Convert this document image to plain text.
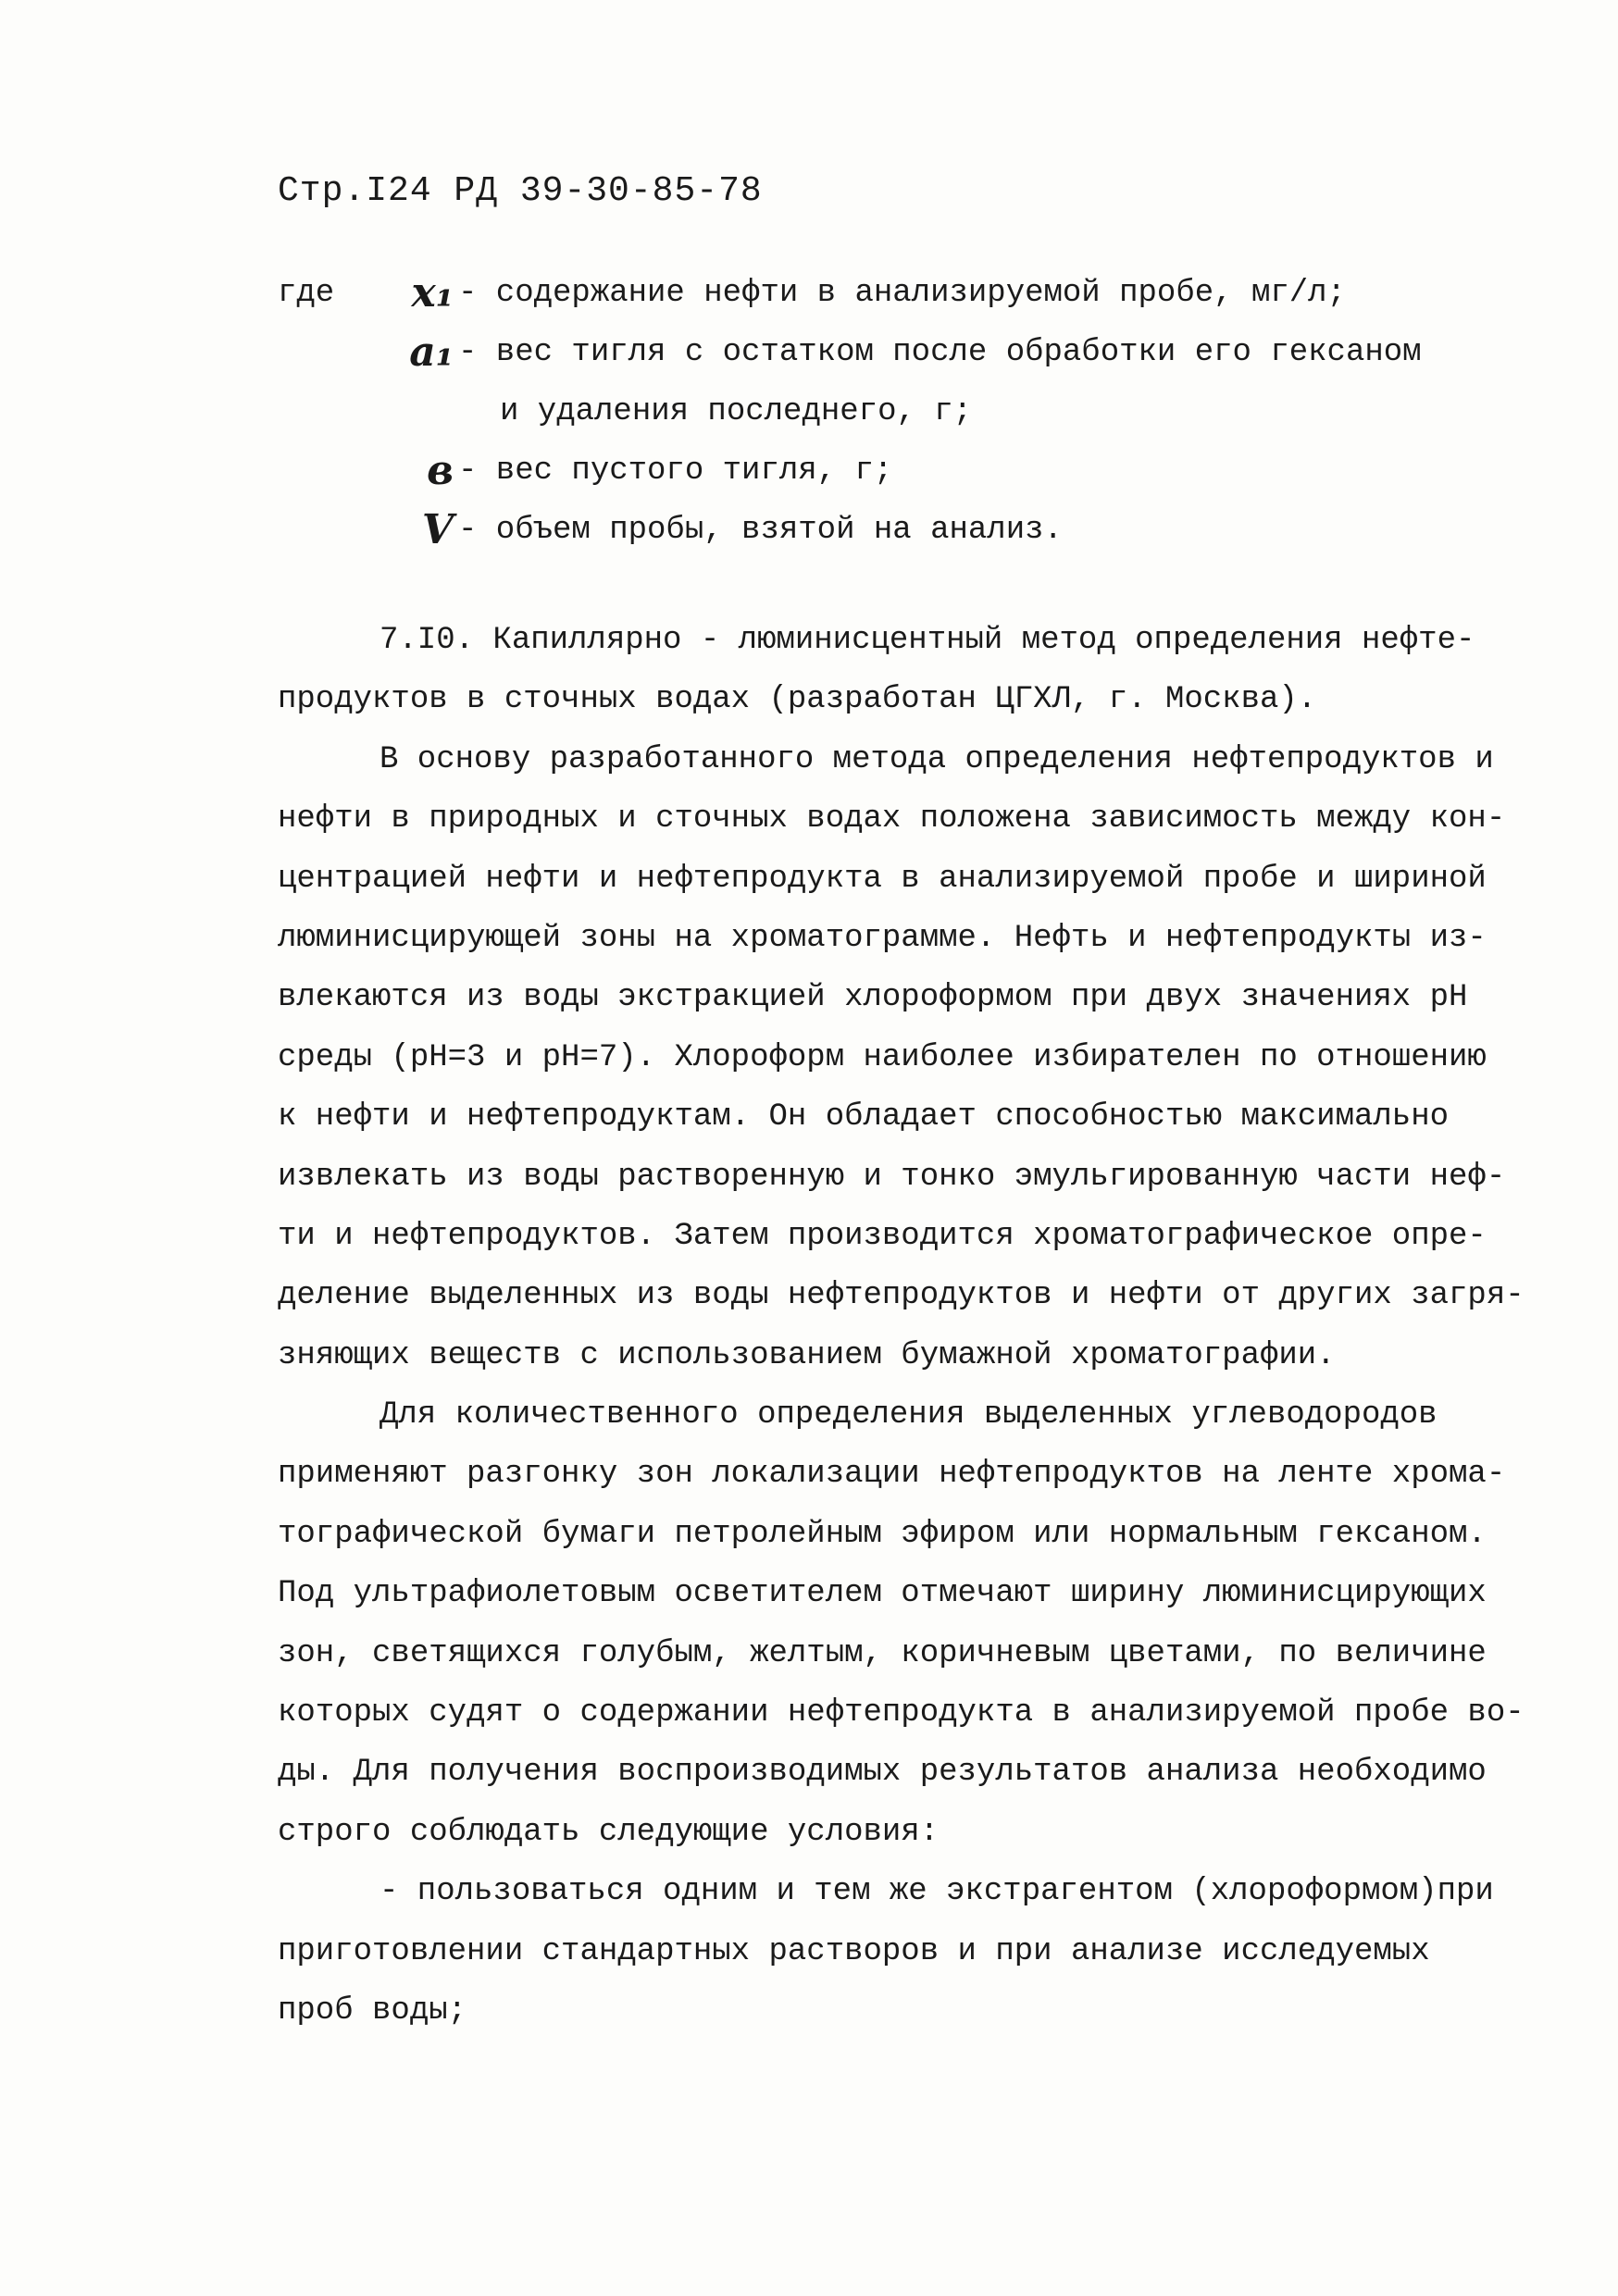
Стр.I24 РД 39-30-85-78
где	x₁ - содержание нефти в анализируемой пробе, мг/л;
a₁ - вес тигля с остатком после обработки его гексаном
и удаления последнего, г;
в - вес пустого тигля, г;
V - объем пробы, взятой на анализ.
7.I0. Капиллярно - люминисцентный метод определения нефте-
продуктов в сточных водах (разработан ЦГХЛ, г. Москва).
В основу разработанного метода определения нефтепродуктов и
нефти в природных и сточных водах положена зависимость между кон-
центрацией нефти и нефтепродукта в анализируемой пробе и шириной
люминисцирующей зоны на хроматограмме. Нефть и нефтепродукты из-
влекаются из воды экстракцией хлороформом при двух значениях pH
среды (pH=3 и pH=7). Хлороформ наиболее избирателен по отношению
к нефти и нефтепродуктам. Он обладает способностью максимально
извлекать из воды растворенную и тонко эмульгированную части неф-
ти и нефтепродуктов. Затем производится хроматографическое опре-
деление выделенных из воды нефтепродуктов и нефти от других загря-
зняющих веществ с использованием бумажной хроматографии.
Для количественного определения выделенных углеводородов
применяют разгонку зон локализации нефтепродуктов на ленте хрома-
тографической бумаги петролейным эфиром или нормальным гексаном.
Под ультрафиолетовым осветителем отмечают ширину люминисцирующих
зон, светящихся голубым, желтым, коричневым цветами, по величине
которых судят о содержании нефтепродукта в анализируемой пробе во-
ды. Для получения воспроизводимых результатов анализа необходимо
строго соблюдать следующие условия:
- пользоваться одним и тем же экстрагентом (хлороформом)при
приготовлении стандартных растворов и при анализе исследуемых
проб воды;
